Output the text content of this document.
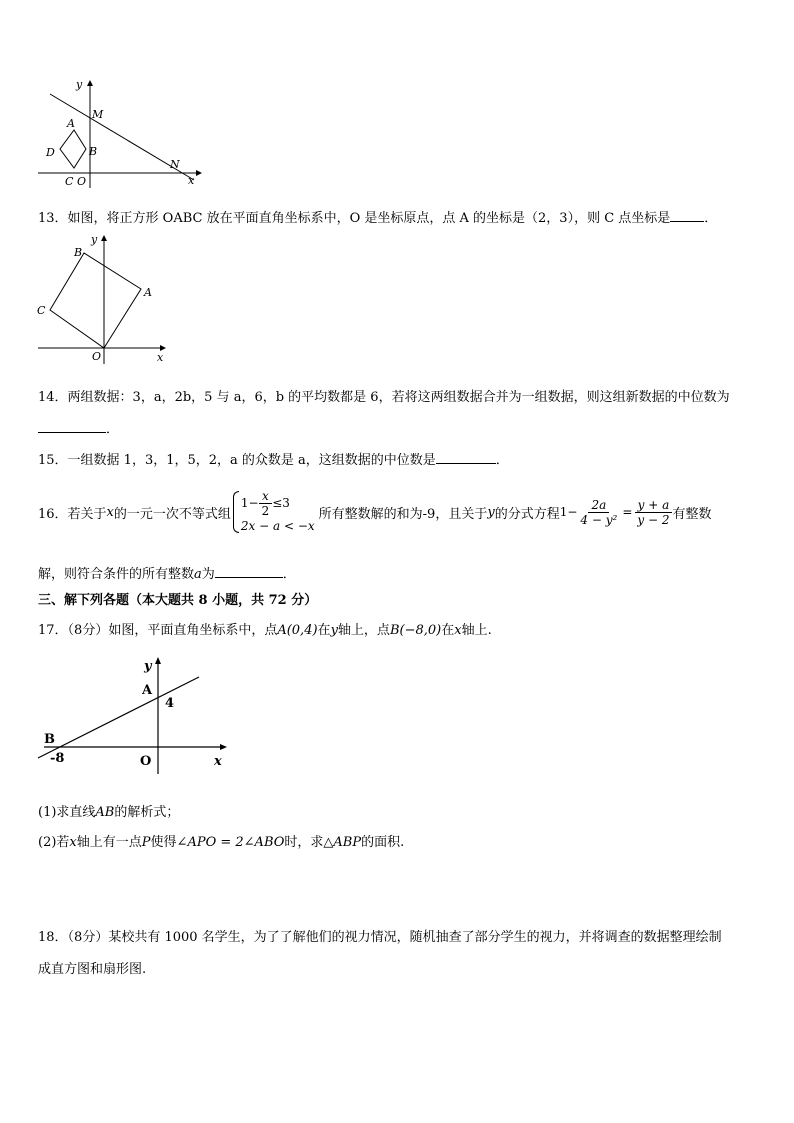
y
M
A
D	B
C O
N
x
13．如图，将正方形 OABC 放在平面直角坐标系中，O 是坐标原点，点 A 的坐标是（2，3），则 C 点坐标是	．
y
B
A
C
O	x
14．两组数据：3，a，2b，5 与 a，6，b 的平均数都是 6，若将这两组数据合并为一组数据，则这组新数据的中位数为
．
15．一组数据 1，3，1，5，2，a 的众数是 a，这组数据的中位数是	．
16．若关于 x 的一元一次不等式组
$1- \frac{x}{2} \le 3$
2x − a < −x
所有整数解的和为-9，且关于 y 的分式方程 $1- \frac{2a}{\text{4 − y²}} = \frac{y + a}{y - 2}$ 有整数
解，则符合条件的所有整数a为	．
三、解下列各题（本大题共 8 小题，共 72 分）
17．（8分）如图，平面直角坐标系中，点A(0,4)在y轴上，点B(−8,0)在x轴上.
y
A
4
B
-8	O	x
(1)求直线AB的解析式；
(2)若x轴上有一点P使得∠APO = 2∠ABO时，求△ABP的面积.
18．（8分）某校共有 1000 名学生，为了了解他们的视力情况，随机抽查了部分学生的视力，并将调查的数据整理绘制
成直方图和扇形图.
